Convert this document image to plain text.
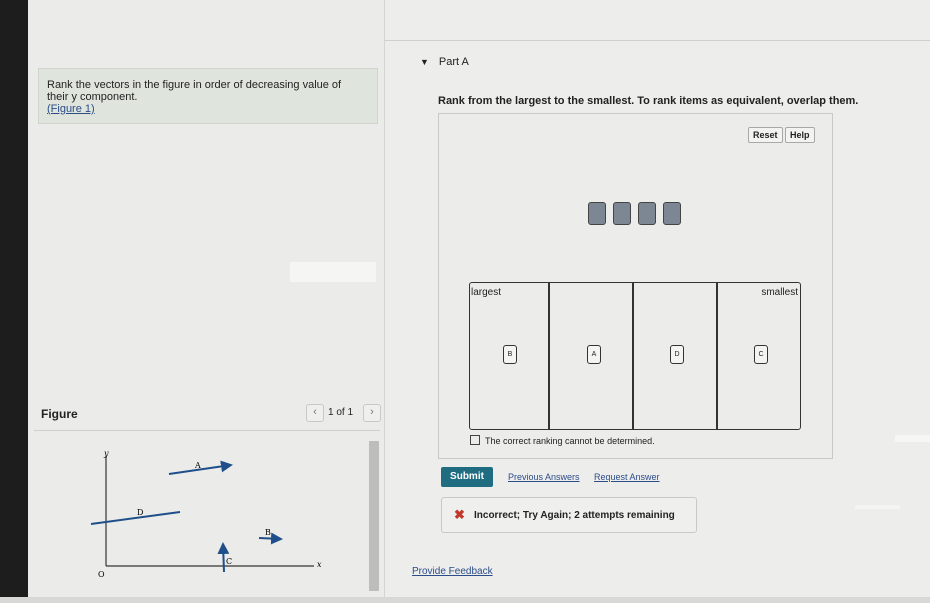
Rank the vectors in the figure in order of decreasing value of their y component.
(Figure 1)
Figure	‹	1 of 1	›
y
x
O
A
D
B
C
▼ Part A
Rank from the largest to the smallest. To rank items as equivalent, overlap them.
Reset	Help
largest	smallest
B	A	D	C
The correct ranking cannot be determined.
Submit	Previous Answers Request Answer
✖ Incorrect; Try Again; 2 attempts remaining
Provide Feedback
